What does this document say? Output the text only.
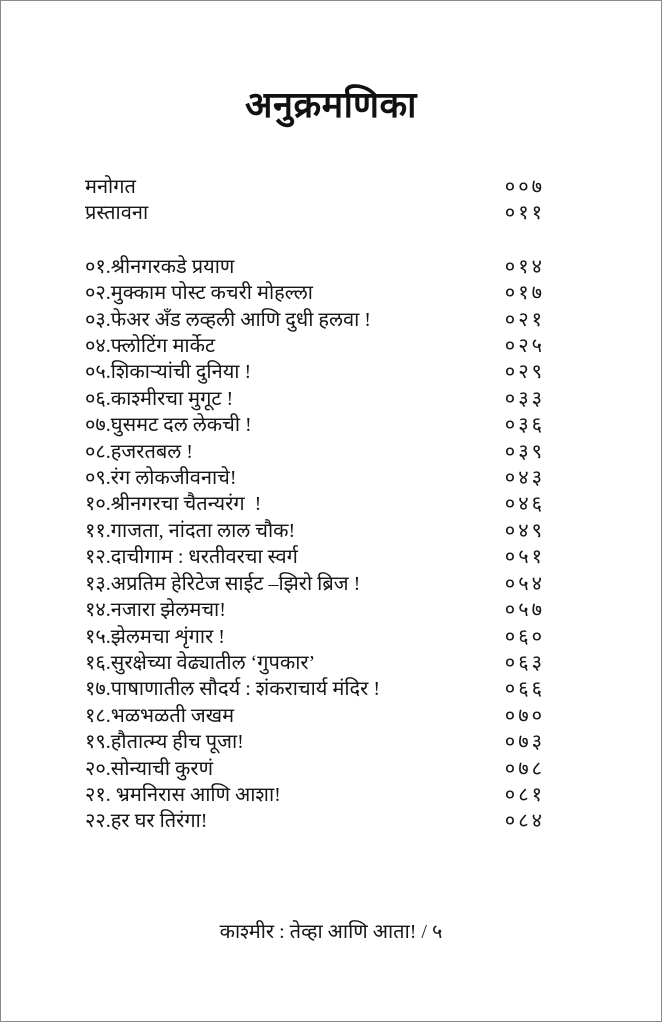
अनुक्रमणिका
मनोगत	००७
प्रस्तावना	०११
०१.श्रीनगरकडे प्रयाण	०१४
०२.मुक्काम पोस्ट कचरी मोहल्ला	०१७
०३.फेअर अँड लव्हली आणि दुधी हलवा !	०२१
०४.फ्लोटिंग मार्केट	०२५
०५.शिकाऱ्यांची दुनिया !	०२९
०६.काश्मीरचा मुगूट !	०३३
०७.घुसमट दल लेकची !	०३६
०८.हजरतबल !	०३९
०९.रंग लोकजीवनाचे!	०४३
१०.श्रीनगरचा चैतन्यरंग  !	०४६
११.गाजता, नांदता लाल चौक!	०४९
१२.दाचीगाम : धरतीवरचा स्वर्ग	०५१
१३.अप्रतिम हेरिटेज साईट –झिरो ब्रिज !	०५४
१४.नजारा झेलमचा!	०५७
१५.झेलमचा शृंगार !	०६०
१६.सुरक्षेच्या वेढ्यातील ‘गुपकार’	०६३
१७.पाषाणातील सौदर्य : शंकराचार्य मंदिर !	०६६
१८.भळभळती जखम	०७०
१९.हौतात्म्य हीच पूजा!	०७३
२०.सोन्याची कुरणं	०७८
२१. भ्रमनिरास आणि आशा!	०८१
२२.हर घर तिरंगा!	०८४
काश्मीर : तेव्हा आणि आता! / ५
